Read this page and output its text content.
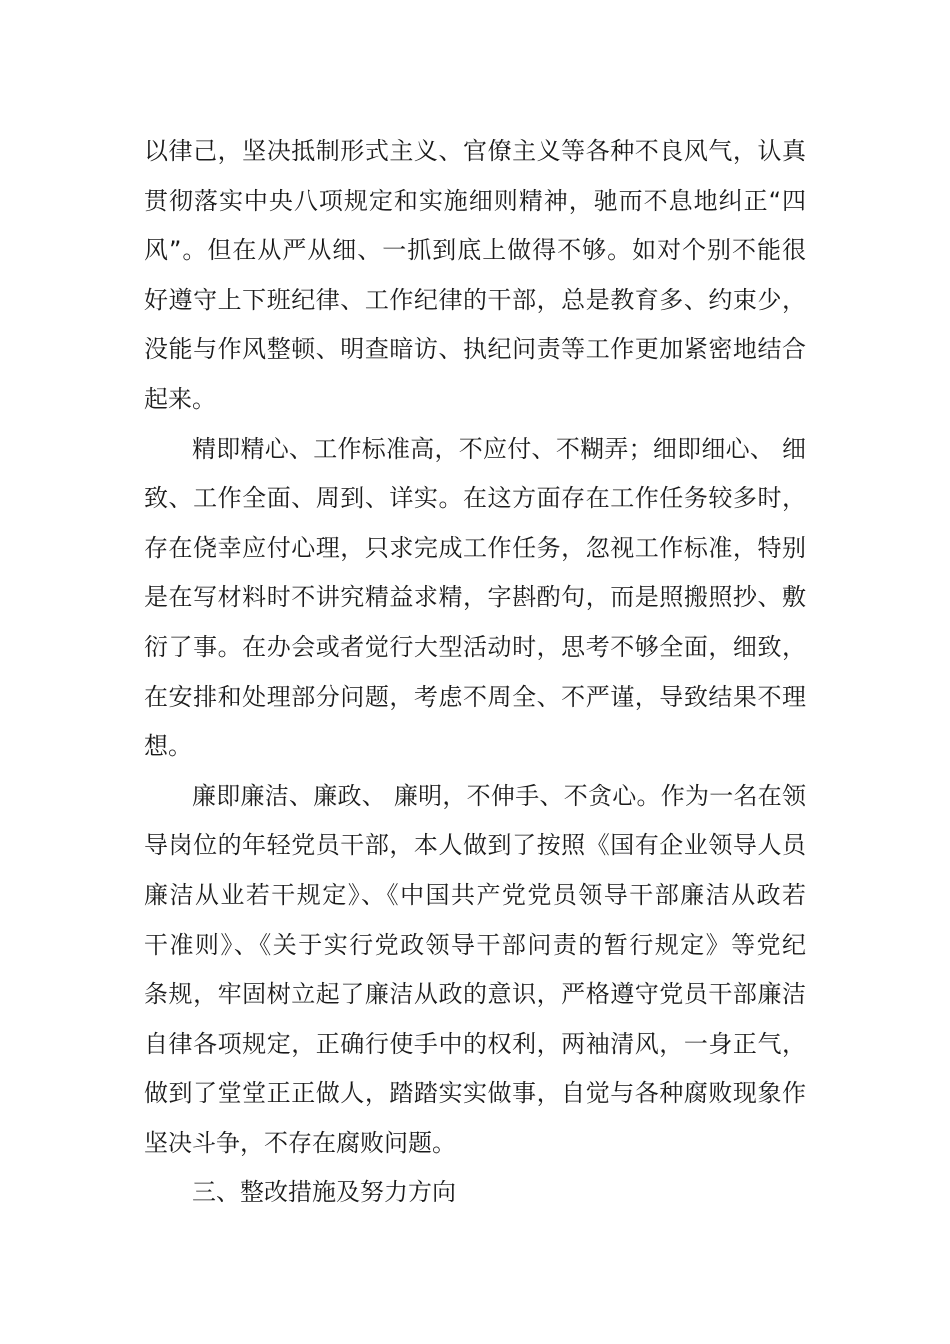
以律己，坚决抵制形式主义、官僚主义等各种不良风气，认真
贯彻落实中央八项规定和实施细则精神，驰而不息地纠正“四
风”。但在从严从细、一抓到底上做得不够。如对个别不能很
好遵守上下班纪律、工作纪律的干部，总是教育多、约束少，
没能与作风整顿、明查暗访、执纪问责等工作更加紧密地结合
起来。
精即精心、工作标准高，不应付、不糊弄；细即细心、 细
致、工作全面、周到、详实。在这方面存在工作任务较多时，
存在侥幸应付心理，只求完成工作任务，忽视工作标准，特别
是在写材料时不讲究精益求精，字斟酌句，而是照搬照抄、敷
衍了事。在办会或者觉行大型活动时，思考不够全面，细致，
在安排和处理部分问题，考虑不周全、不严谨，导致结果不理
想。
廉即廉洁、廉政、 廉明，不伸手、不贪心。作为一名在领
导岗位的年轻党员干部，本人做到了按照《国有企业领导人员
廉洁从业若干规定》、《中国共产党党员领导干部廉洁从政若
干准则》、《关于实行党政领导干部问责的暂行规定》等党纪
条规，牢固树立起了廉洁从政的意识，严格遵守党员干部廉洁
自律各项规定，正确行使手中的权利，两袖清风，一身正气，
做到了堂堂正正做人，踏踏实实做事，自觉与各种腐败现象作
坚决斗争，不存在腐败问题。
三、整改措施及努力方向
